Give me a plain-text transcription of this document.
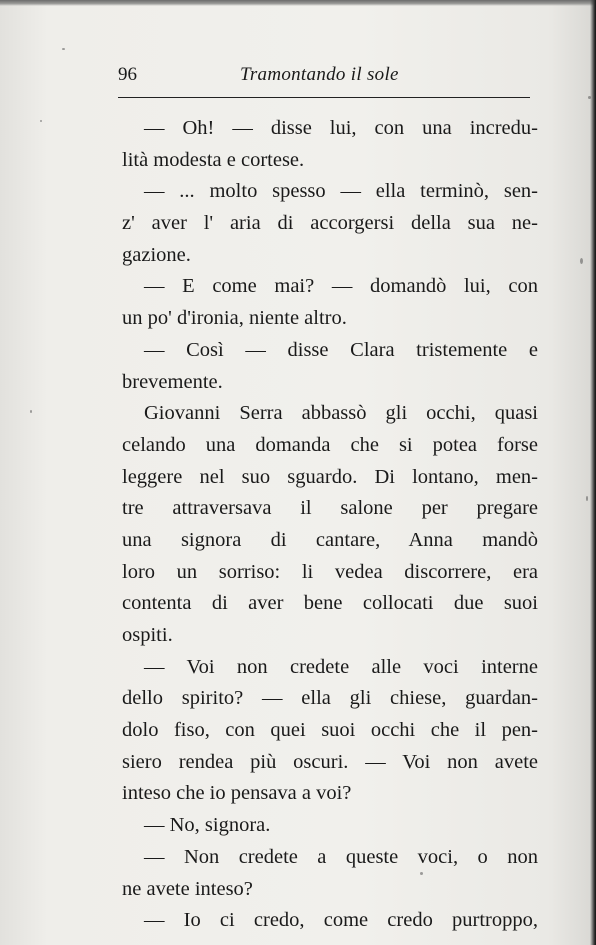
96	Tramontando il sole
— Oh! — disse lui, con una incredu-
lità modesta e cortese.
— ... molto spesso — ella terminò, sen-
z' aver l' aria di accorgersi della sua ne-
gazione.
— E come mai? — domandò lui, con
un po' d'ironia, niente altro.
— Così — disse Clara tristemente e
brevemente.
Giovanni Serra abbassò gli occhi, quasi
celando una domanda che si potea forse
leggere nel suo sguardo. Di lontano, men-
tre attraversava il salone per pregare
una signora di cantare, Anna mandò
loro un sorriso: li vedea discorrere, era
contenta di aver bene collocati due suoi
ospiti.
— Voi non credete alle voci interne
dello spirito? — ella gli chiese, guardan-
dolo fiso, con quei suoi occhi che il pen-
siero rendea più oscuri. — Voi non avete
inteso che io pensava a voi?
— No, signora.
— Non credete a queste voci, o non
ne avete inteso?
— Io ci credo, come credo purtroppo,
